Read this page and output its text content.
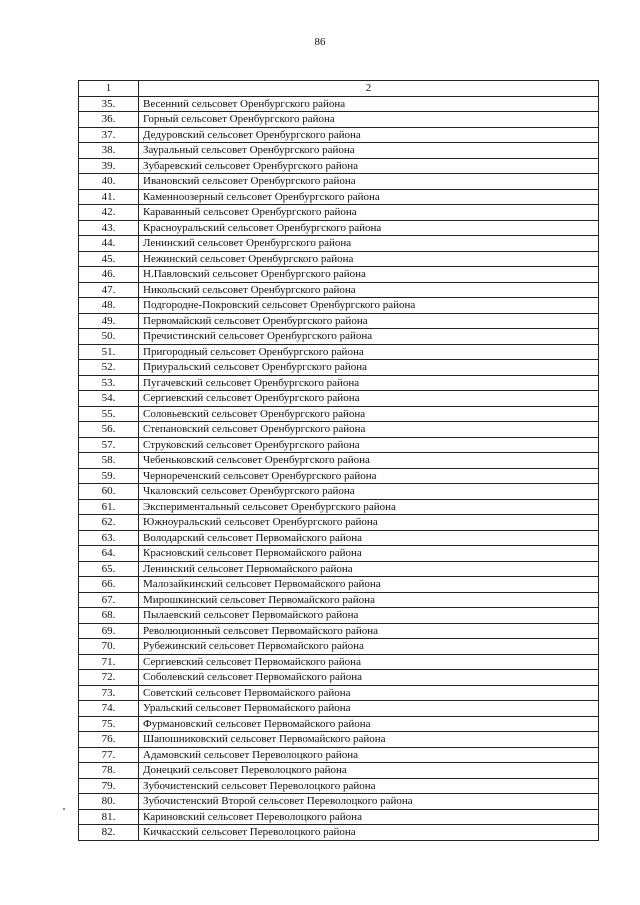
86
1	2
35.	Весенний сельсовет Оренбургского района
36.	Горный сельсовет Оренбургского района
37.	Дедуровский сельсовет Оренбургского района
38.	Зауральный сельсовет Оренбургского района
39.	Зубаревский сельсовет Оренбургского района
40.	Ивановский сельсовет Оренбургского района
41.	Каменноозерный сельсовет Оренбургского района
42.	Караванный сельсовет Оренбургского района
43.	Красноуральский сельсовет Оренбургского района
44.	Ленинский сельсовет Оренбургского района
45.	Нежинский сельсовет Оренбургского района
46.	Н.Павловский сельсовет Оренбургского района
47.	Никольский сельсовет Оренбургского района
48.	Подгородне-Покровский сельсовет Оренбургского района
49.	Первомайский сельсовет Оренбургского района
50.	Пречистинский сельсовет Оренбургского района
51.	Пригородный сельсовет Оренбургского района
52.	Приуральский сельсовет Оренбургского района
53.	Пугачевский сельсовет Оренбургского района
54.	Сергиевский сельсовет Оренбургского района
55.	Соловьевский сельсовет Оренбургского района
56.	Степановский сельсовет Оренбургского района
57.	Струковский сельсовет Оренбургского района
58.	Чебеньковский сельсовет Оренбургского района
59.	Чернореченский сельсовет Оренбургского района
60.	Чкаловский сельсовет Оренбургского района
61.	Экспериментальный сельсовет Оренбургского района
62.	Южноуральский сельсовет Оренбургского района
63.	Володарский сельсовет Первомайского района
64.	Красновский сельсовет Первомайского района
65.	Ленинский сельсовет Первомайского района
66.	Малозайкинский сельсовет Первомайского района
67.	Мирошкинский сельсовет Первомайского района
68.	Пылаевский сельсовет Первомайского района
69.	Революционный сельсовет Первомайского района
70.	Рубежинский сельсовет Первомайского района
71.	Сергиевский сельсовет Первомайского района
72.	Соболевский сельсовет Первомайского района
73.	Советский сельсовет Первомайского района
74.	Уральский сельсовет Первомайского района
75.	Фурмановский сельсовет Первомайского района
76.	Шапошниковский сельсовет Первомайского района
77.	Адамовский сельсовет Переволоцкого района
78.	Донецкий сельсовет Переволоцкого района
79.	Зубочистенский сельсовет Переволоцкого района
80.	Зубочистенский Второй сельсовет Переволоцкого района
81.	Кариновский сельсовет Переволоцкого района
82.	Кичкасский сельсовет Переволоцкого района
